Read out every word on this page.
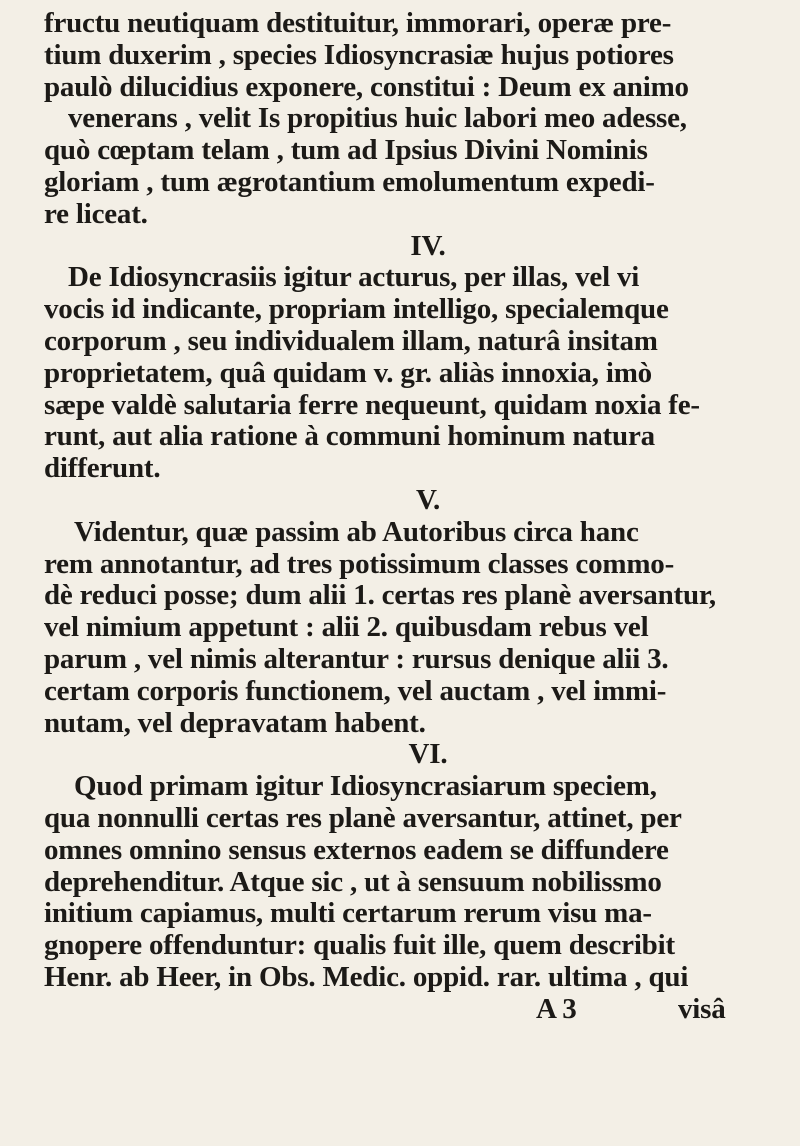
fructu neutiquam destituitur, immorari, operæ pre-
tium duxerim , species Idiosyncrasiæ hujus potiores
paulò dilucidius exponere, constitui : Deum ex animo
venerans , velit Is propitius huic labori meo adesse,
quò cœptam telam , tum ad Ipsius Divini Nominis
gloriam , tum ægrotantium emolumentum expedi-
re liceat.
IV.
De Idiosyncrasiis igitur acturus, per illas, vel vi
vocis id indicante, propriam intelligo, specialemque
corporum , seu individualem illam, naturâ insitam
proprietatem, quâ quidam v. gr. aliàs innoxia, imò
sæpe valdè salutaria ferre nequeunt, quidam noxia fe-
runt, aut alia ratione à communi hominum natura
differunt.
V.
Videntur, quæ passim ab Autoribus circa hanc
rem annotantur, ad tres potissimum classes commo-
dè reduci posse; dum alii 1. certas res planè aversantur,
vel nimium appetunt : alii 2. quibusdam rebus vel
parum , vel nimis alterantur : rursus denique alii 3.
certam corporis functionem, vel auctam , vel immi-
nutam, vel depravatam habent.
VI.
Quod primam igitur Idiosyncrasiarum speciem,
qua nonnulli certas res planè aversantur, attinet, per
omnes omnino sensus externos eadem se diffundere
deprehenditur. Atque sic , ut à sensuum nobilissmo
initium capiamus, multi certarum rerum visu ma-
gnopere offenduntur: qualis fuit ille, quem describit
Henr. ab Heer, in Obs. Medic. oppid. rar. ultima , qui
A 3	visâ
